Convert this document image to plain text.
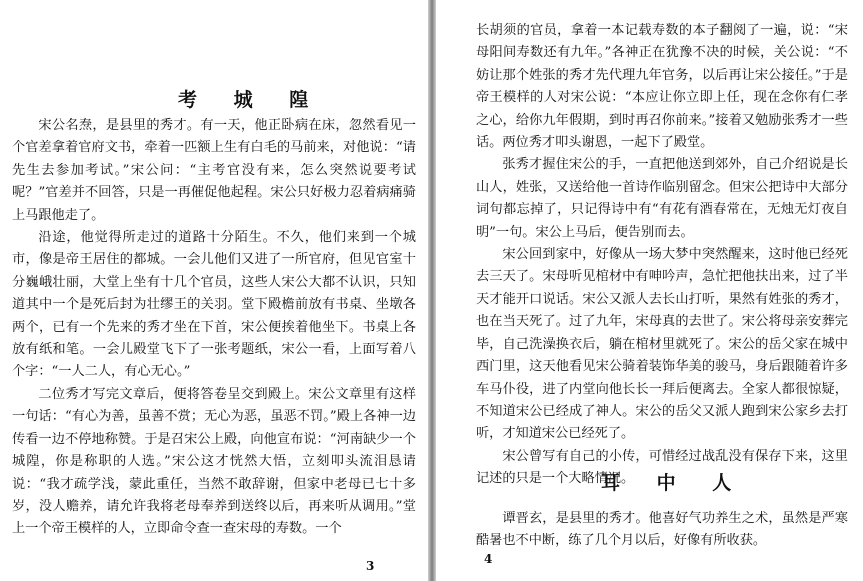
考 城 隍

宋公名焘，是县里的秀才。有一天，他正卧病在床，忽然看见一个官差拿着官府文书，牵着一匹额上生有白毛的马前来，对他说：“请先生去参加考试。”宋公问：“主考官没有来，怎么突然说要考试呢？”官差并不回答，只是一再催促他起程。宋公只好极力忍着病痛骑上马跟他走了。

沿途，他觉得所走过的道路十分陌生。不久，他们来到一个城市，像是帝王居住的都城。一会儿他们又进了一所官府，但见官室十分巍峨壮丽，大堂上坐有十几个官员，这些人宋公大都不认识，只知道其中一个是死后封为壮缪王的关羽。堂下殿檐前放有书桌、坐墩各两个，已有一个先来的秀才坐在下首，宋公便挨着他坐下。书桌上各放有纸和笔。一会儿殿堂飞下了一张考题纸，宋公一看，上面写着八个字：“一人二人，有心无心。”

二位秀才写完文章后，便将答卷呈交到殿上。宋公文章里有这样一句话：“有心为善，虽善不赏；无心为恶，虽恶不罚。”殿上各神一边传看一边不停地称赞。于是召宋公上殿，向他宣布说：“河南缺少一个城隍，你是称职的人选。”宋公这才恍然大悟，立刻叩头流泪恳请说：“我才疏学浅，蒙此重任，当然不敢辞谢，但家中老母已七十多岁，没人赡养，请允许我将老母奉养到送终以后，再来听从调用。”堂上一个帝王模样的人，立即命令查一查宋母的寿数。一个

3

长胡须的官员，拿着一本记载寿数的本子翻阅了一遍，说：“宋母阳间寿数还有九年。”各神正在犹豫不决的时候，关公说：“不妨让那个姓张的秀才先代理九年官务，以后再让宋公接任。”于是帝王模样的人对宋公说：“本应让你立即上任，现在念你有仁孝之心，给你九年假期，到时再召你前来。”接着又勉励张秀才一些话。两位秀才叩头谢恩，一起下了殿堂。

张秀才握住宋公的手，一直把他送到郊外，自己介绍说是长山人，姓张，又送给他一首诗作临别留念。但宋公把诗中大部分词句都忘掉了，只记得诗中有“有花有酒春常在，无烛无灯夜自明”一句。宋公上马后，便告别而去。

宋公回到家中，好像从一场大梦中突然醒来，这时他已经死去三天了。宋母听见棺材中有呻吟声，急忙把他扶出来，过了半天才能开口说话。宋公又派人去长山打听，果然有姓张的秀才，也在当天死了。过了九年，宋母真的去世了。宋公将母亲安葬完毕，自己洗澡换衣后，躺在棺材里就死了。宋公的岳父家在城中西门里，这天他看见宋公骑着装饰华美的骏马，身后跟随着许多车马仆役，进了内堂向他长长一拜后便离去。全家人都很惊疑，不知道宋公已经成了神人。宋公的岳父又派人跑到宋公家乡去打听，才知道宋公已经死了。

宋公曾写有自己的小传，可惜经过战乱没有保存下来，这里记述的只是一个大略情况。

耳 中 人

谭晋玄，是县里的秀才。他喜好气功养生之术，虽然是严寒酷暑也不中断，练了几个月以后，好像有所收获。

4
